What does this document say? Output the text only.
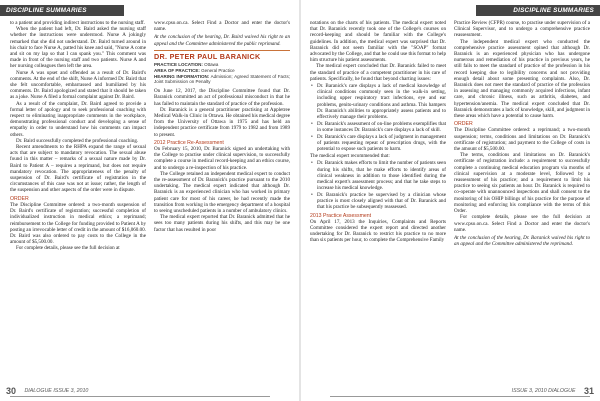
DISCIPLINE SUMMARIES

to a patient and providing indirect instructions to the nursing staff.

When the patient had left, Dr. Baird asked the nursing staff whether the instructions were understood. Nurse A jokingly remarked that she did not understand. Dr. Baird turned around in his chair to face Nurse A, patted his knee and said, "Nurse A come and sit on my lap so that I can spank you." This comment was made in front of the nursing staff and two patients. Nurse A and her nursing colleagues then left the area.

Nurse A was upset and offended as a result of Dr. Baird's comments. At the end of the shift, Nurse A informed Dr. Baird that she felt uncomfortable, embarrassed and humiliated by his comments. Dr. Baird apologized and stated that it should be taken as a joke. Nurse A filed a formal complaint against Dr. Baird.

As a result of the complaint, Dr. Baird agreed to provide a formal letter of apology and to seek professional coaching with respect to eliminating inappropriate comments in the workplace, demonstrating professional conduct and developing a sense of empathy in order to understand how his comments can impact others.

Dr. Baird successfully completed the professional coaching.

Recent amendments to the RHPA expand the range of sexual acts that are subject to mandatory revocation. The sexual abuse found in this matter – remarks of a sexual nature made by Dr. Baird to Patient A – requires a reprimand, but does not require mandatory revocation. The appropriateness of the penalty of suspension of Dr. Baird's certificate of registration in the circumstances of this case was not at issue; rather, the length of the suspension and other aspects of the order were in dispute.

ORDER

The Discipline Committee ordered: a two-month suspension of Dr. Baird's certificate of registration; successful completion of individualized instruction in medical ethics; a reprimand; reimbursement to the College for funding provided to Patient A by posting an irrevocable letter of credit in the amount of $16,060.00. Dr. Baird was also ordered to pay costs to the College in the amount of $5,500.00.

For complete details, please see the full decision at

www.cpso.on.ca. Select Find a Doctor and enter the doctor's name.

At the conclusion of the hearing, Dr. Baird waived his right to an appeal and the Committee administered the public reprimand.

DR. PETER PAUL BARANICK
PRACTICE LOCATION: Ottawa
AREA OF PRACTICE: General Practice
HEARING INFORMATION: Admission; Agreed Statement of Facts; Joint Submission on Penalty

On June 12, 2017, the Discipline Committee found that Dr. Baranick committed an act of professional misconduct in that he has failed to maintain the standard of practice of the profession.

Dr. Baranick is a general practitioner practising at Appletree Medical Walk-in Clinic in Ottawa. He obtained his medical degree from the University of Ottawa in 1975 and has held an independent practice certificate from 1979 to 1982 and from 1989 to present.

2012 Practice Re-Assessment

On February 15, 2010, Dr. Baranick signed an undertaking with the College to practise under clinical supervision, to successfully complete a course in medical record-keeping and an ethics course, and to undergo a re-inspection of his practice.

The College retained an independent medical expert to conduct the re-assessment of Dr. Baranick's practice pursuant to the 2010 undertaking. The medical expert indicated that although Dr. Baranick is an experienced clinician who has worked in primary patient care for most of his career, he had recently made the transition from working in the emergency department of a hospital to seeing unscheduled patients in a number of ambulatory clinics.

The medical expert reported that Dr. Baranick admitted that he sees too many patients during his shifts, and this may be one factor that has resulted in poor

30 DIALOGUE ISSUE 3, 2010
DISCIPLINE SUMMARIES

notations on the charts of his patients. The medical expert noted that Dr. Baranick recently took one of the College's courses on record-keeping and should be familiar with the College's guidelines. In addition, the medical expert was surprised that Dr. Baranick did not seem familiar with the "SOAP" format advocated by the College, and that he could use this format to help him structure his patient assessments.

The medical expert concluded that Dr. Baranick failed to meet the standard of practice of a competent practitioner in his care of patients. Specifically, he found that beyond charting issues:

• Dr. Baranick's care displays a lack of medical knowledge of clinical conditions commonly seen in the walk-in setting, including upper respiratory tract infections, eye and ear problems, genito-urinary conditions and asthma. This hampers Dr. Baranick's abilities to appropriately assess patients and to effectively manage their problems.
• Dr. Baranick's assessment of on-line problems exemplifies that in some instances Dr. Baranick's care displays a lack of skill.
• Dr. Baranick's care displays a lack of judgment in management of patients requesting repeat of prescription drugs, with the potential to expose such patients to harm.

The medical expert recommended that:

• Dr. Baranick makes efforts to limit the number of patients seen during his shifts, that he make efforts to identify areas of clinical weakness in addition to those identified during the medical expert's assessment process; and that he take steps to increase his medical knowledge.
• Dr. Baranick's practice be supervised by a clinician whose practice is most closely aligned with that of Dr. Baranick and that his practice be subsequently reassessed.
2013 Practice Assessment

On April 17, 2013 the Inquiries, Complaints and Reports Committee considered the expert report and directed another undertaking for Dr. Baranick to restrict his practice to no more than six patients per hour, to complete the Comprehensive Family

Practice Review (CFPR) course, to practise under supervision of a Clinical Supervisor, and to undergo a comprehensive practice reassessment.

The independent medical expert who conducted the comprehensive practice assessment opined that although Dr. Baranick is an experienced physician who has undergone numerous and remediation of his practice in previous years, he still fails to meet the standard of practice of the profession in his record keeping due to legibility concerns and not providing enough detail about some presenting complaints. Also, Dr. Baranick does not meet the standard of practice of the profession in assessing and managing commonly acquired infections, infant care, and chronic illness, such as arthritis, diabetes, and hypertension/anemia. The medical expert concluded that Dr. Baranick demonstrates a lack of knowledge, skill, and judgment in these areas which have a potential to cause harm.

ORDER

The Discipline Committee ordered: a reprimand; a two-month suspension; terms, conditions and limitations on Dr. Baranick's certificate of registration; and payment to the College of costs in the amount of $5,500.00.

The terms, conditions and limitations on Dr. Baranick's certificate of registration include: a requirement to successfully complete a continuing medical education program via months of clinical supervision at a moderate level, followed by a reassessment of his practice; and a requirement to limit his practice to seeing six patients an hour. Dr. Baranick is required to co-operate with unannounced inspections and shall consent to the monitoring of his OHIP billings of his practice for the purpose of monitoring and enforcing his compliance with the terms of this Order.

For complete details, please see the full decision at www.cpso.on.ca. Select Find a Doctor and enter the doctor's name.

At the conclusion of the hearing, Dr. Baranick waived his right to an appeal and the Committee administered the reprimand.

ISSUE 3, 2010 DIALOGUE 31
